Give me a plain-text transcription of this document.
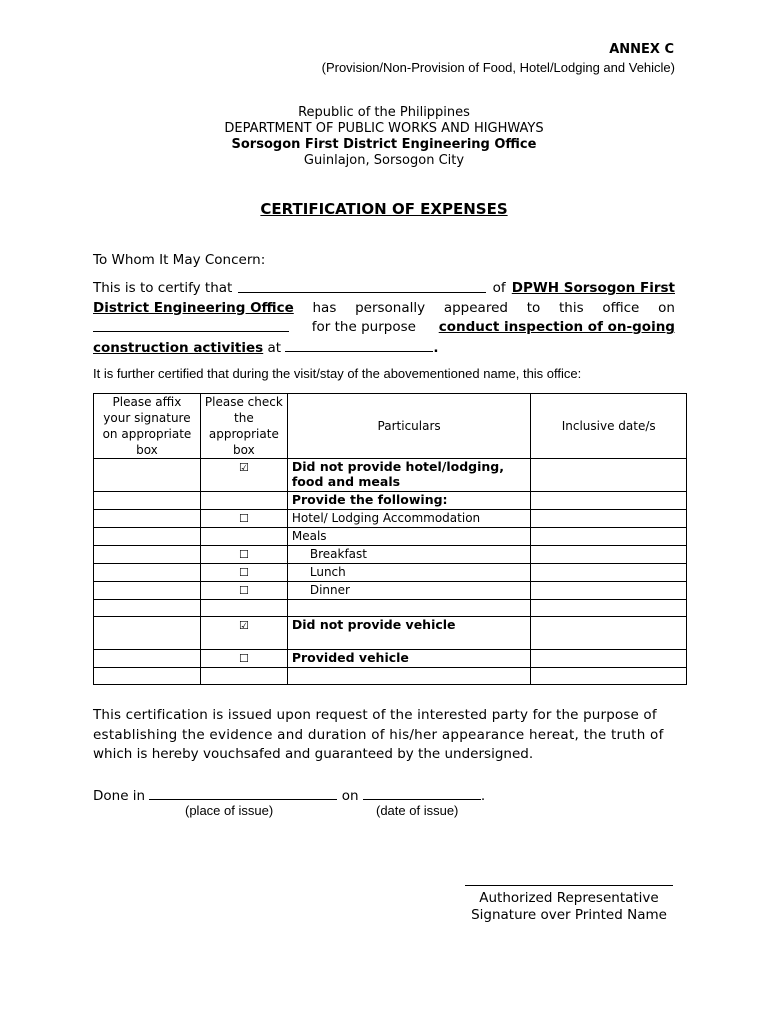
ANNEX C
(Provision/Non-Provision of Food, Hotel/Lodging and Vehicle)
Republic of the Philippines
DEPARTMENT OF PUBLIC WORKS AND HIGHWAYS
Sorsogon First District Engineering Office
Guinlajon, Sorsogon City
CERTIFICATION OF EXPENSES
To Whom It May Concern:
This is to certify that	of DPWH Sorsogon First
District Engineering Office has personally appeared to this office on
for the purpose conduct inspection of on-going
construction activities at	.
It is further certified that during the visit/stay of the abovementioned name, this office:
Please affix your signature on appropriate box	Please check the appropriate box	Particulars	Inclusive date/s
	☑	Did not provide hotel/lodging, food and meals	
		Provide the following:	
	☐	Hotel/ Lodging Accommodation	
		Meals	
	☐	Breakfast	
	☐	Lunch	
	☐	Dinner	

	☑	Did not provide vehicle	
	☐	Provided vehicle	

This certification is issued upon request of the interested party for the purpose of
establishing the evidence and duration of his/her appearance hereat, the truth of
which is hereby vouchsafed and guaranteed by the undersigned.
Done in	on	.
(place of issue)	(date of issue)
Authorized Representative
Signature over Printed Name
